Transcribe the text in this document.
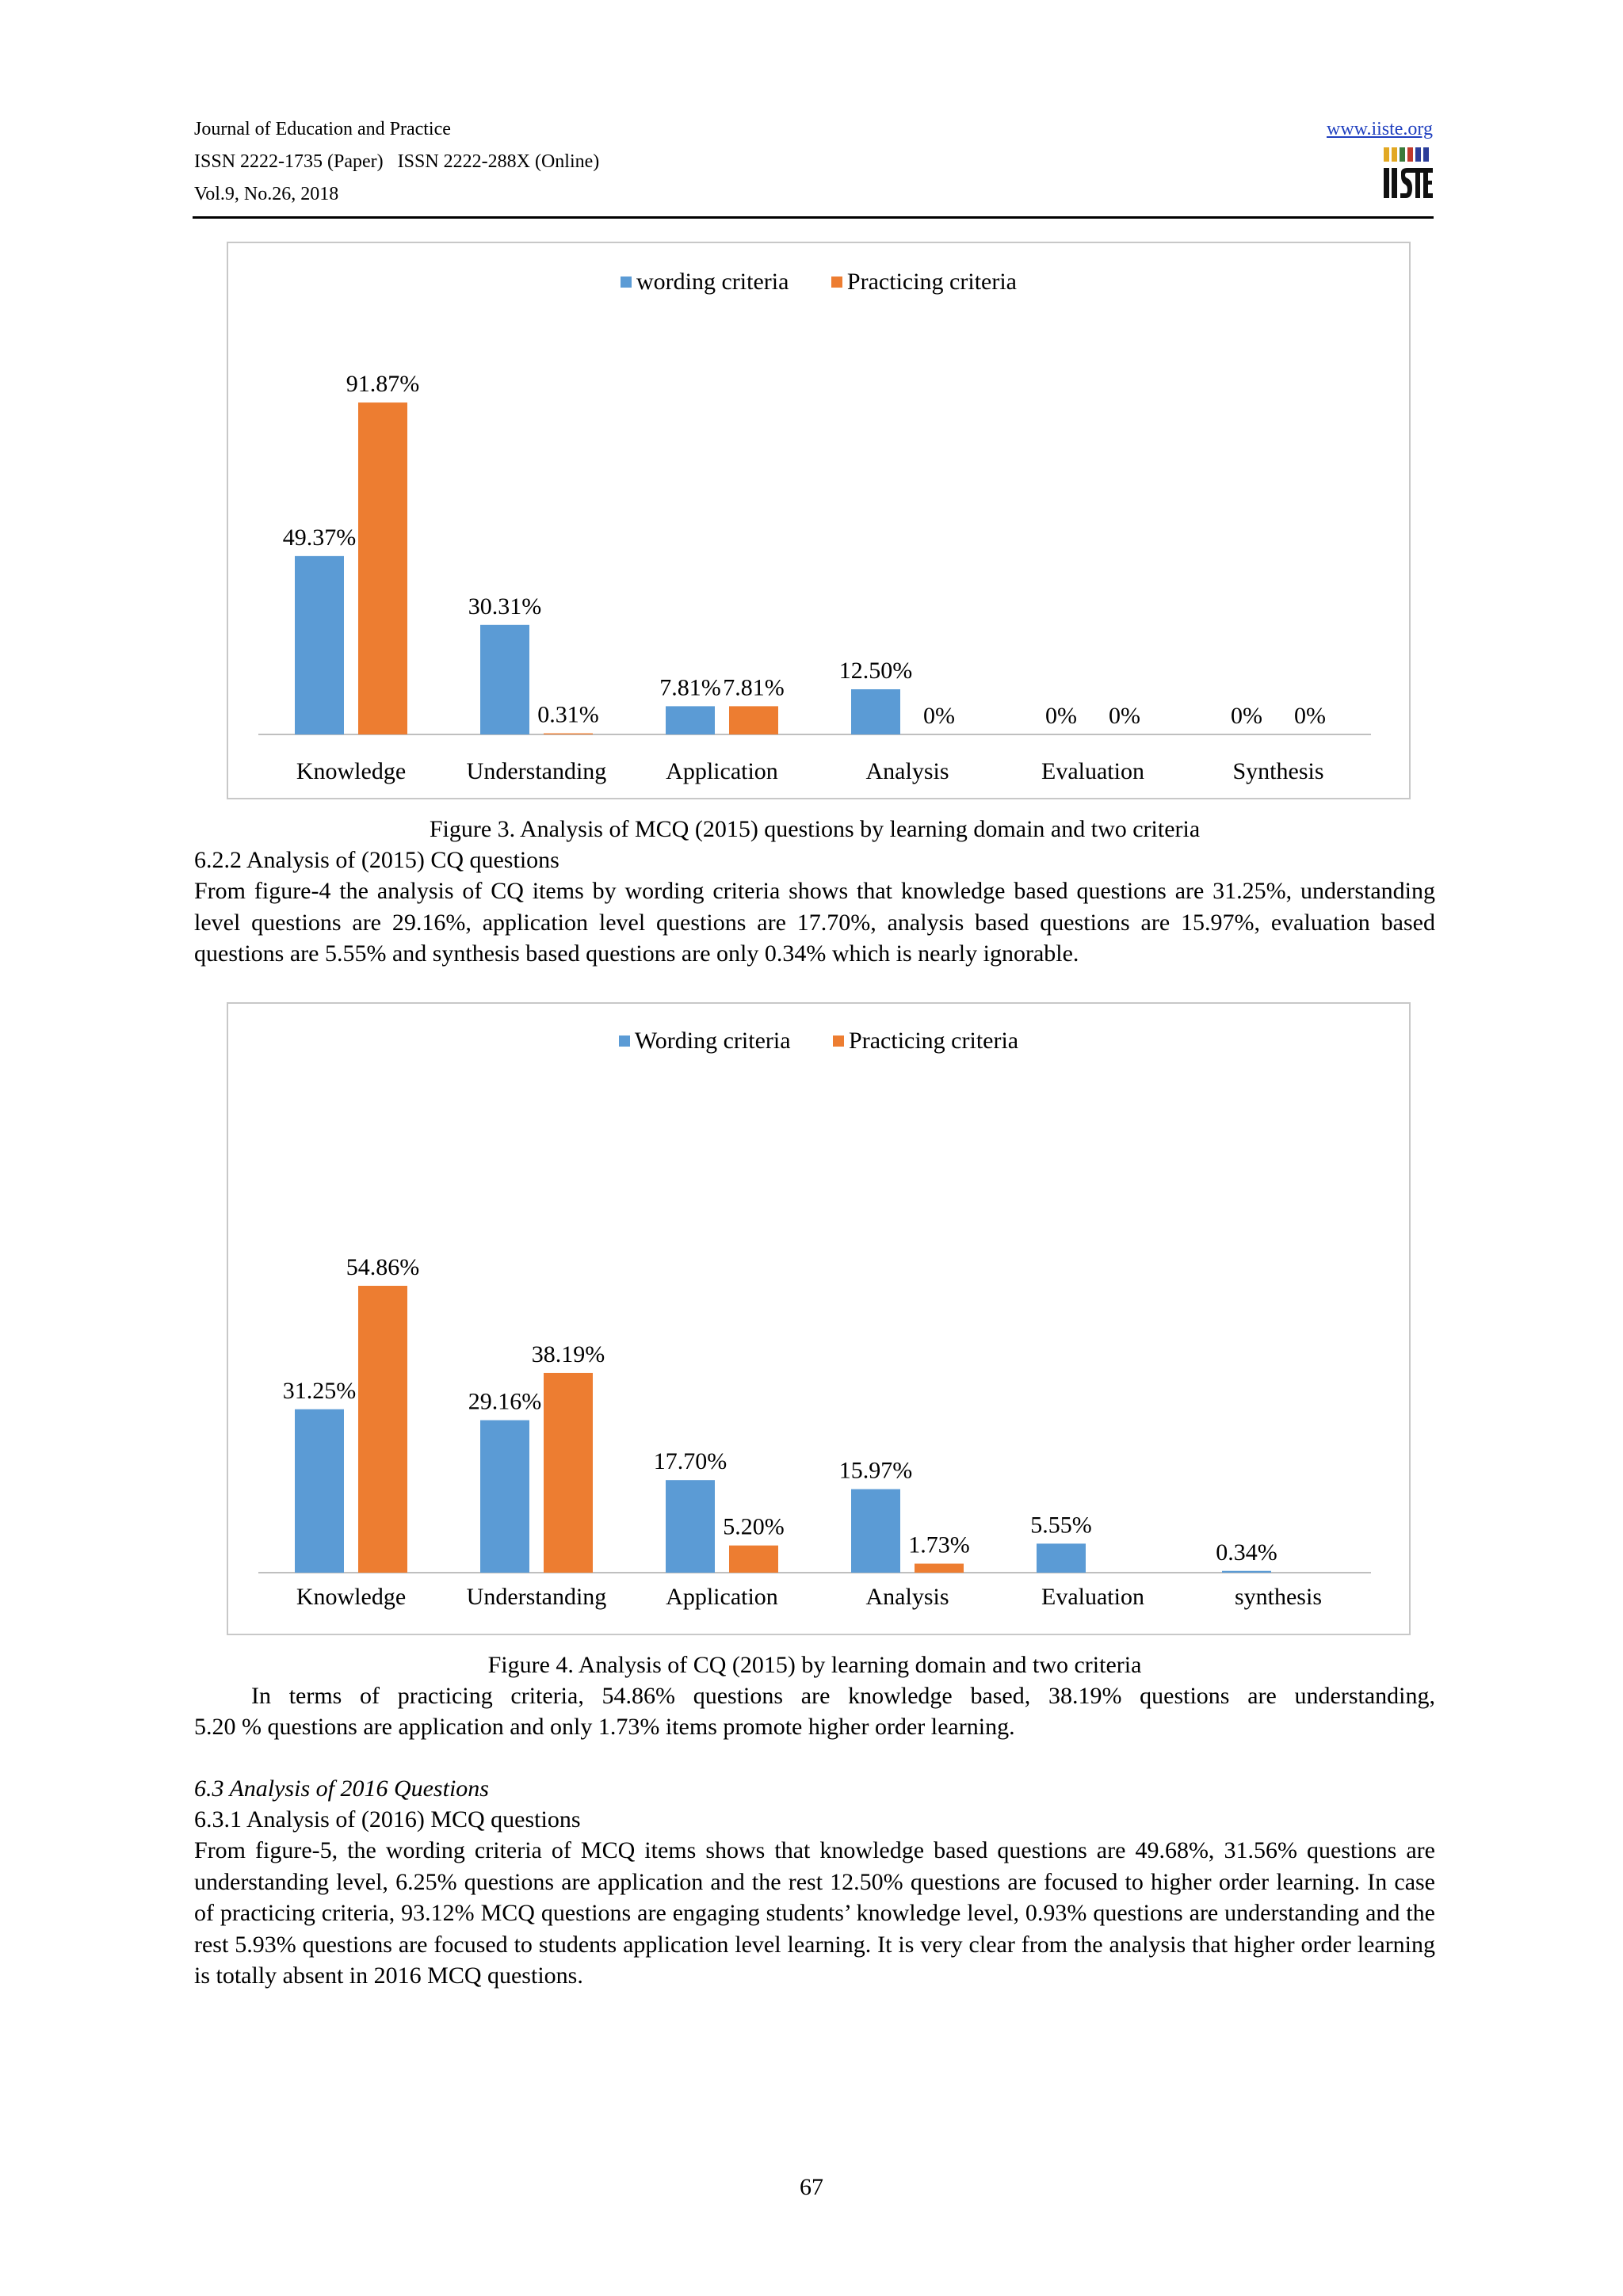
Journal of Education and Practice
ISSN 2222-1735 (Paper)   ISSN 2222-288X (Online)
Vol.9, No.26, 2018
www.iiste.org
wording criteria Practicing criteria
49.37%
91.87%
Knowledge
30.31%
0.31%
Understanding
7.81% 7.81%
Application
12.50%
0%
Analysis
0% 0%
Evaluation
0% 0%
Synthesis
Figure 3. Analysis of MCQ (2015) questions by learning domain and two criteria
6.2.2 Analysis of (2015) CQ questions
From figure-4 the analysis of CQ items by wording criteria shows that knowledge based questions are 31.25%, understanding level questions are 29.16%, application level questions are 17.70%, analysis based questions are 15.97%, evaluation based questions are 5.55% and synthesis based questions are only 0.34% which is nearly ignorable.
Wording criteria Practicing criteria
31.25%
54.86%
Knowledge
29.16%
38.19%
Understanding
17.70%
5.20%
Application
15.97%
1.73%
Analysis
5.55%
Evaluation
0.34%
synthesis
Figure 4. Analysis of CQ (2015) by learning domain and two criteria
In terms of practicing criteria, 54.86% questions are knowledge based, 38.19% questions are understanding,
5.20 % questions are application and only 1.73% items promote higher order learning.
6.3 Analysis of 2016 Questions
6.3.1 Analysis of (2016) MCQ questions
From figure-5, the wording criteria of MCQ items shows that knowledge based questions are 49.68%, 31.56% questions are understanding level, 6.25% questions are application and the rest 12.50% questions are focused to higher order learning. In case of practicing criteria, 93.12% MCQ questions are engaging students’ knowledge level, 0.93% questions are understanding and the rest 5.93% questions are focused to students application level learning. It is very clear from the analysis that higher order learning is totally absent in 2016 MCQ questions.
67
